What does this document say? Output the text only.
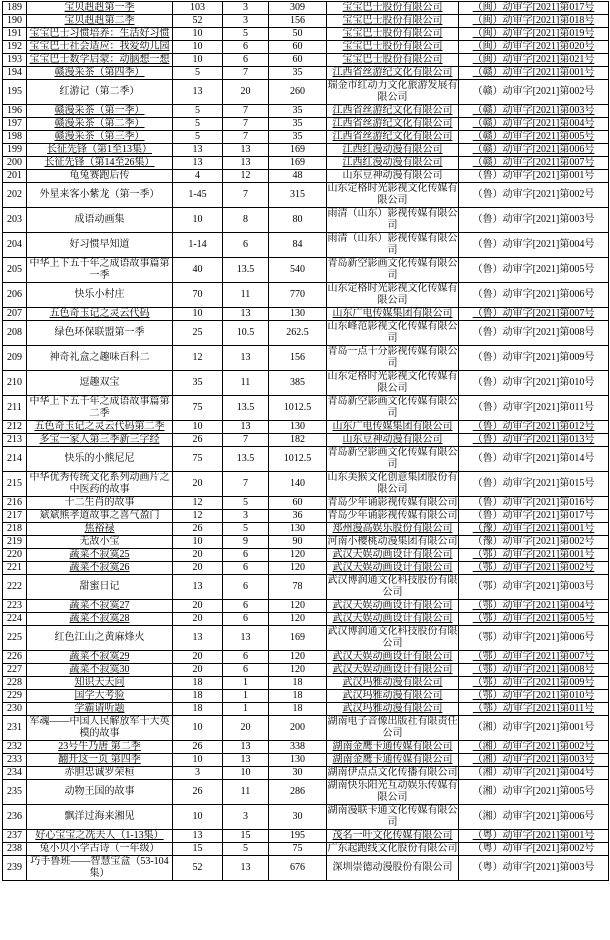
189	宝贝赳赳第一季	103	3	309	宝宝巴士股份有限公司	（闽）动审字[2021]第017号
190	宝贝赳赳第二季	52	3	156	宝宝巴士股份有限公司	（闽）动审字[2021]第018号
191	宝宝巴士习惯培养：生活好习惯	10	5	50	宝宝巴士股份有限公司	（闽）动审字[2021]第019号
192	宝宝巴士社会适应：我爱幼儿园	10	6	60	宝宝巴士股份有限公司	（闽）动审字[2021]第020号
193	宝宝巴士数学启蒙：动脑想一想	10	6	60	宝宝巴士股份有限公司	（闽）动审字[2021]第021号
194	赣漫采茶（第四季）	5	7	35	江西省丝游纪文化有限公司	（赣）动审字[2021]第001号
195	红游记（第二季）	13	20	260	瑞金市红动力文化旅游发展有限公司	（赣）动审字[2021]第002号
196	赣漫采茶（第一季）	5	7	35	江西省丝游纪文化有限公司	（赣）动审字[2021]第003号
197	赣漫采茶（第二季）	5	7	35	江西省丝游纪文化有限公司	（赣）动审字[2021]第004号
198	赣漫采茶（第三季）	5	7	35	江西省丝游纪文化有限公司	（赣）动审字[2021]第005号
199	长征先锋（第1至13集）	13	13	169	江西红漫动漫有限公司	（赣）动审字[2021]第006号
200	长征先锋（第14至26集）	13	13	169	江西红漫动漫有限公司	（赣）动审字[2021]第007号
201	龟兔赛跑后传	4	12	48	山东豆神动漫有限公司	（鲁）动审字[2021]第001号
202	外星来客小紫龙（第一季）	1-45	7	315	山东定格时光影视文化传媒有限公司	（鲁）动审字[2021]第002号
203	成语动画集	10	8	80	雨清（山东）影视传媒有限公司	（鲁）动审字[2021]第003号
204	好习惯早知道	1-14	6	84	雨清（山东）影视传媒有限公司	（鲁）动审字[2021]第004号
205	中华上下五千年之成语故事篇第一季	40	13.5	540	青岛新空影画文化传媒有限公司	（鲁）动审字[2021]第005号
206	快乐小村庄	70	11	770	山东定格时光影视文化传媒有限公司	（鲁）动审字[2021]第006号
207	五色奇玉记之灵云代码	10	13	130	山东广电传媒集团有限公司	（鲁）动审字[2021]第007号
208	绿色环保联盟第一季	25	10.5	262.5	山东峰范影视文化传媒有限公司	（鲁）动审字[2021]第008号
209	神奇礼盒之趣味百科二	12	13	156	青岛一点十分影视传媒有限公司	（鲁）动审字[2021]第009号
210	逗趣双宝	35	11	385	山东定格时光影视文化传媒有限公司	（鲁）动审字[2021]第010号
211	中华上下五千年之成语故事篇第二季	75	13.5	1012.5	青岛新空影画文化传媒有限公司	（鲁）动审字[2021]第011号
212	五色奇玉记之灵云代码第二季	10	13	130	山东广电传媒集团有限公司	（鲁）动审字[2021]第012号
213	多宝一家人第三季新三字经	26	7	182	山东豆神动漫有限公司	（鲁）动审字[2021]第013号
214	快乐的小熊尼尼	75	13.5	1012.5	青岛新空影画文化传媒有限公司	（鲁）动审字[2021]第014号
215	中华优秀传统文化系列动画片之中医药的故事	20	7	140	山东美猴文化创意集团股份有限公司	（鲁）动审字[2021]第015号
216	十二生肖的故事	12	5	60	青岛少年诵影视传媒有限公司	（鲁）动审字[2021]第016号
217	斌斌熊孝道故事之喜气盈门	12	3	36	青岛少年诵影视传媒有限公司	（鲁）动审字[2021]第017号
218	焦裕禄	26	5	130	郑州漫高娱乐股份有限公司	（豫）动审字[2021]第001号
219	无敌小宝	10	9	90	河南小樱桃动漫集团有限公司	（豫）动审字[2021]第002号
220	蔬菜不寂寞25	20	6	120	武汉天娱动画设计有限公司	（鄂）动审字[2021]第001号
221	蔬菜不寂寞26	20	6	120	武汉天娱动画设计有限公司	（鄂）动审字[2021]第002号
222	甜蜜日记	13	6	78	武汉博润通文化科技股份有限公司	（鄂）动审字[2021]第003号
223	蔬菜不寂寞27	20	6	120	武汉天娱动画设计有限公司	（鄂）动审字[2021]第004号
224	蔬菜不寂寞28	20	6	120	武汉天娱动画设计有限公司	（鄂）动审字[2021]第005号
225	红色江山之黄麻烽火	13	13	169	武汉博润通文化科技股份有限公司	（鄂）动审字[2021]第006号
226	蔬菜不寂寞29	20	6	120	武汉天娱动画设计有限公司	（鄂）动审字[2021]第007号
227	蔬菜不寂寞30	20	6	120	武汉天娱动画设计有限公司	（鄂）动审字[2021]第008号
228	知识天天问	18	1	18	武汉玛雅动漫有限公司	（鄂）动审字[2021]第009号
229	国学大考验	18	1	18	武汉玛雅动漫有限公司	（鄂）动审字[2021]第010号
230	学霸请听题	18	1	18	武汉玛雅动漫有限公司	（鄂）动审字[2021]第011号
231	军魂——中国人民解放军十大英模的故事	10	20	200	湖南电子音像出版社有限责任公司	（湘）动审字[2021]第001号
232	23号牛乃唐 第二季	26	13	338	湖南金鹰卡通传媒有限公司	（湘）动审字[2021]第002号
233	翻开这一页 第四季	10	13	130	湖南金鹰卡通传媒有限公司	（湘）动审字[2021]第003号
234	赤胆忠诚罗荣桓	3	10	30	湖南伊点点文化传播有限公司	（湘）动审字[2021]第004号
235	动物王国的故事	26	11	286	湖南快乐阳光互动娱乐传媒有限公司	（湘）动审字[2021]第005号
236	飘洋过海来湘见	10	3	30	湖南漫联卡通文化传媒有限公司	（湘）动审字[2021]第006号
237	好心宝宝之冼夫人（1-13集）	13	15	195	茂名一叶文化传媒有限公司	（粤）动审字[2021]第001号
238	兔小贝小学古诗（一年级）	15	5	75	广东起跑线文化股份有限公司	（粤）动审字[2021]第002号
239	巧手鲁班——智慧宝盒（53-104集）	52	13	676	深圳崇德动漫股份有限公司	（粤）动审字[2021]第003号
